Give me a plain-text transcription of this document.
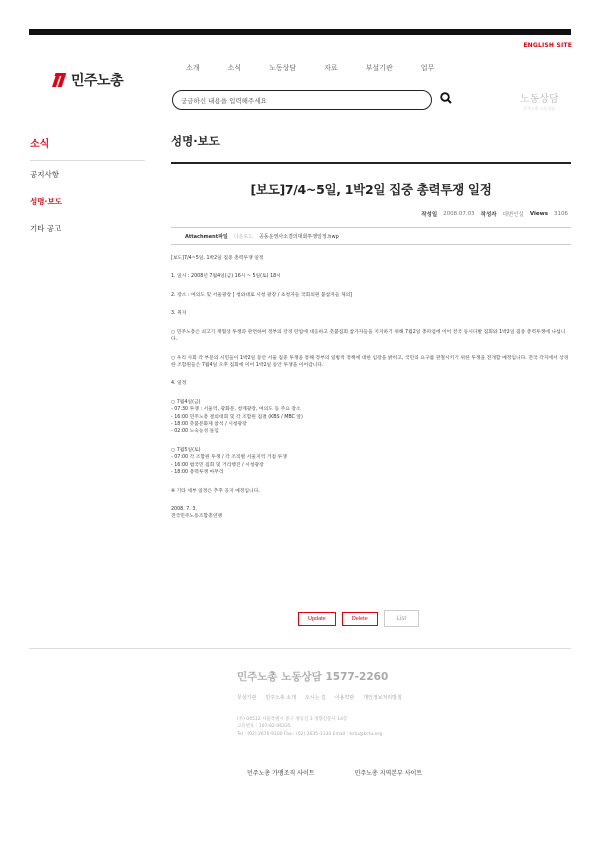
ENGLISH SITE
민주노총
소개	소식	노동상담	자료	부설기관	업무
궁금하신 내용을 입력해주세요	노동상담
민주노총 노동상담
소식
공지사항
성명·보도
기타 공고
성명·보도
[보도]7/4~5일, 1박2일 집중 총력투쟁 일정
작성일 2008.07.03 작성자 대변인실 Views 3106
Attachment파일 다운로드 공동운영사소결의대회투쟁일정.hwp

[보도]7/4~5일, 1박2일 집중 총력투쟁 일정

1. 일시 : 2008년 7월4일(금) 16시 ~ 5일(토) 18시

2. 장소 : 여의도 및 서울광장 [ 청와대로 시청 광장 / 초청자들 국회의원 불참자들 제의]

3. 취지

○ 민주노총은 쇠고기 재협상 투쟁과 관련하여 정부의 강경 탄압에 대응하고 촛불집회 참가자들을 지지하기 위해 7월2일 총파업에 이어 전국 동시다발 집회와 1박2일 집중 총력투쟁에 나섭니다.

○ 우리 사회 각 부문의 시민들이 1박2일 동안 서울 집중 투쟁을 통해 정부의 일방적 정책에 대한 입장을 밝히고, 국민의 요구를 관철시키기 위한 투쟁을 전개할 예정입니다. 전국 각지에서 상경한 조합원들은 7월4일 오후 집회에 이어 1박2일 동안 투쟁을 이어갑니다.

4. 일정

○ 7월4일(금)

- 07:30 투쟁 : 서울역, 광화문, 청계광장, 여의도 등 주요 장소

- 16:00 민주노총 결의대회 및 각 조합원 집결 (KBS / MBC 앞)

- 18:00 촛불문화제 참석 / 시청광장

- 02:00 노숙농성 돌입

○ 7월5일(토)

- 07:00 각 조합원 투쟁 / 각 조직별 서울지역 거점 투쟁

- 16:00 범국민 집회 및 거리행진 / 시청광장

- 18:00 총력투쟁 마무리

※ 기타 세부 일정은 추후 공지 예정입니다.

2008. 7. 3.

전국민주노동조합총연맹

Update	Delete	List
민주노총 노동상담 1577-2260
무상기관 민주노총 소개 오시는 길 이용약관 개인정보처리방침
(우) 04512 서울특별시 중구 정동길 3 경향신문사 14층
고유번호 : 107-82-06335
Tel : (02) 2670-9100 Fax : (02) 2635-1134 Email : kctu@kctu.org
민주노총 가맹조직 사이트	민주노총 지역본부 사이트
